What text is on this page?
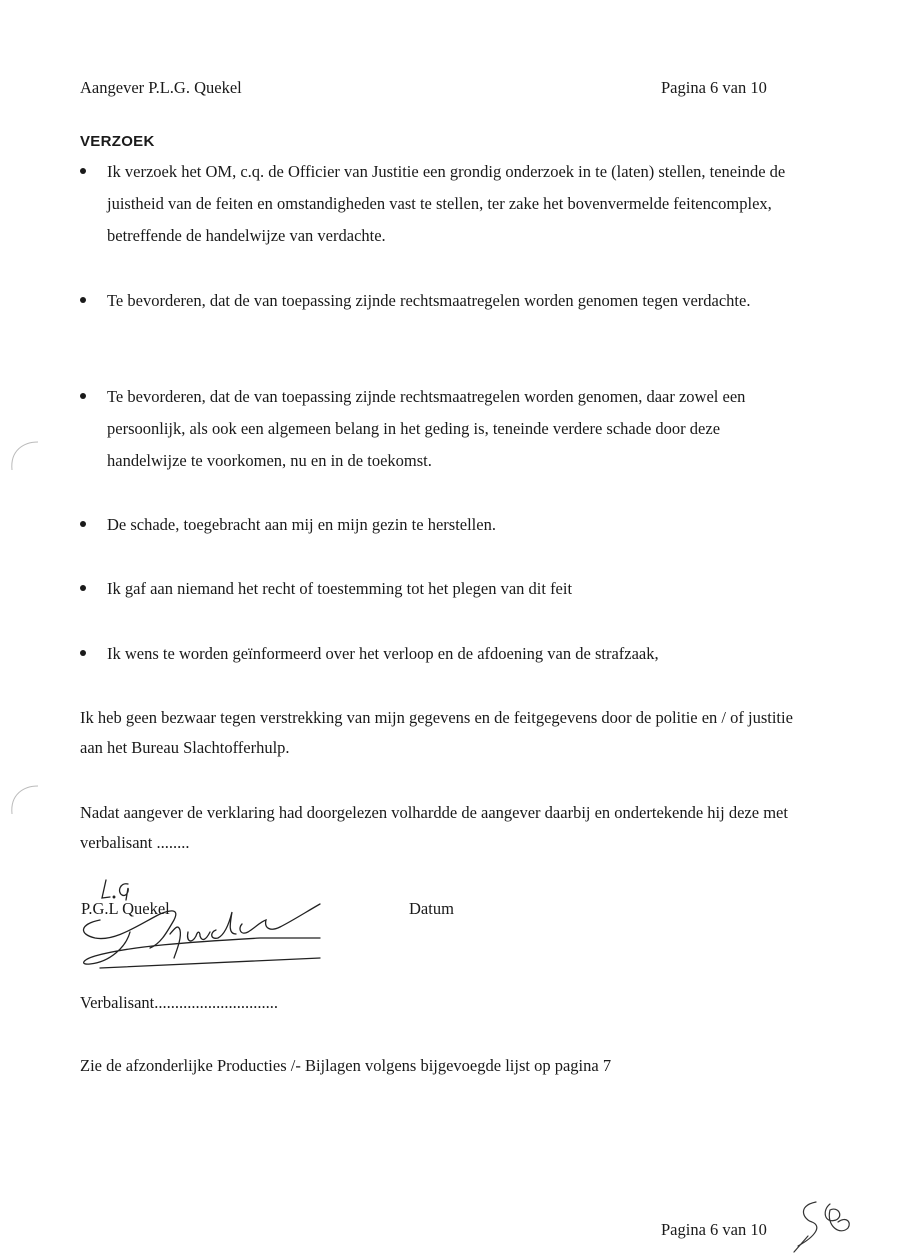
Aangever P.L.G. Quekel	Pagina 6 van 10
VERZOEK
Ik verzoek het OM, c.q. de Officier van Justitie een grondig onderzoek in te (laten) stellen, teneinde de juistheid van de feiten en omstandigheden vast te stellen, ter zake het bovenvermelde feitencomplex, betreffende de handelwijze van verdachte.
Te bevorderen, dat de van toepassing zijnde rechtsmaatregelen worden genomen tegen verdachte.
Te bevorderen, dat de van toepassing zijnde rechtsmaatregelen worden genomen, daar zowel een persoonlijk, als ook een algemeen belang in het geding is, teneinde verdere schade door deze handelwijze te voorkomen, nu en in de toekomst.
De schade, toegebracht aan mij en mijn gezin te herstellen.
Ik gaf aan niemand het recht of toestemming tot het plegen van dit feit
Ik wens te worden geïnformeerd over het verloop en de afdoening van de strafzaak,
Ik heb geen bezwaar tegen verstrekking van mijn gegevens en de feitgegevens door de politie en / of justitie aan het Bureau Slachtofferhulp.
Nadat aangever de verklaring had doorgelezen volhardde de aangever daarbij en ondertekende hij deze met verbalisant ........
P.G.L Quekel	Datum
Verbalisant..............................
Zie de afzonderlijke Producties /- Bijlagen volgens bijgevoegde lijst op pagina 7
Pagina 6 van 10
